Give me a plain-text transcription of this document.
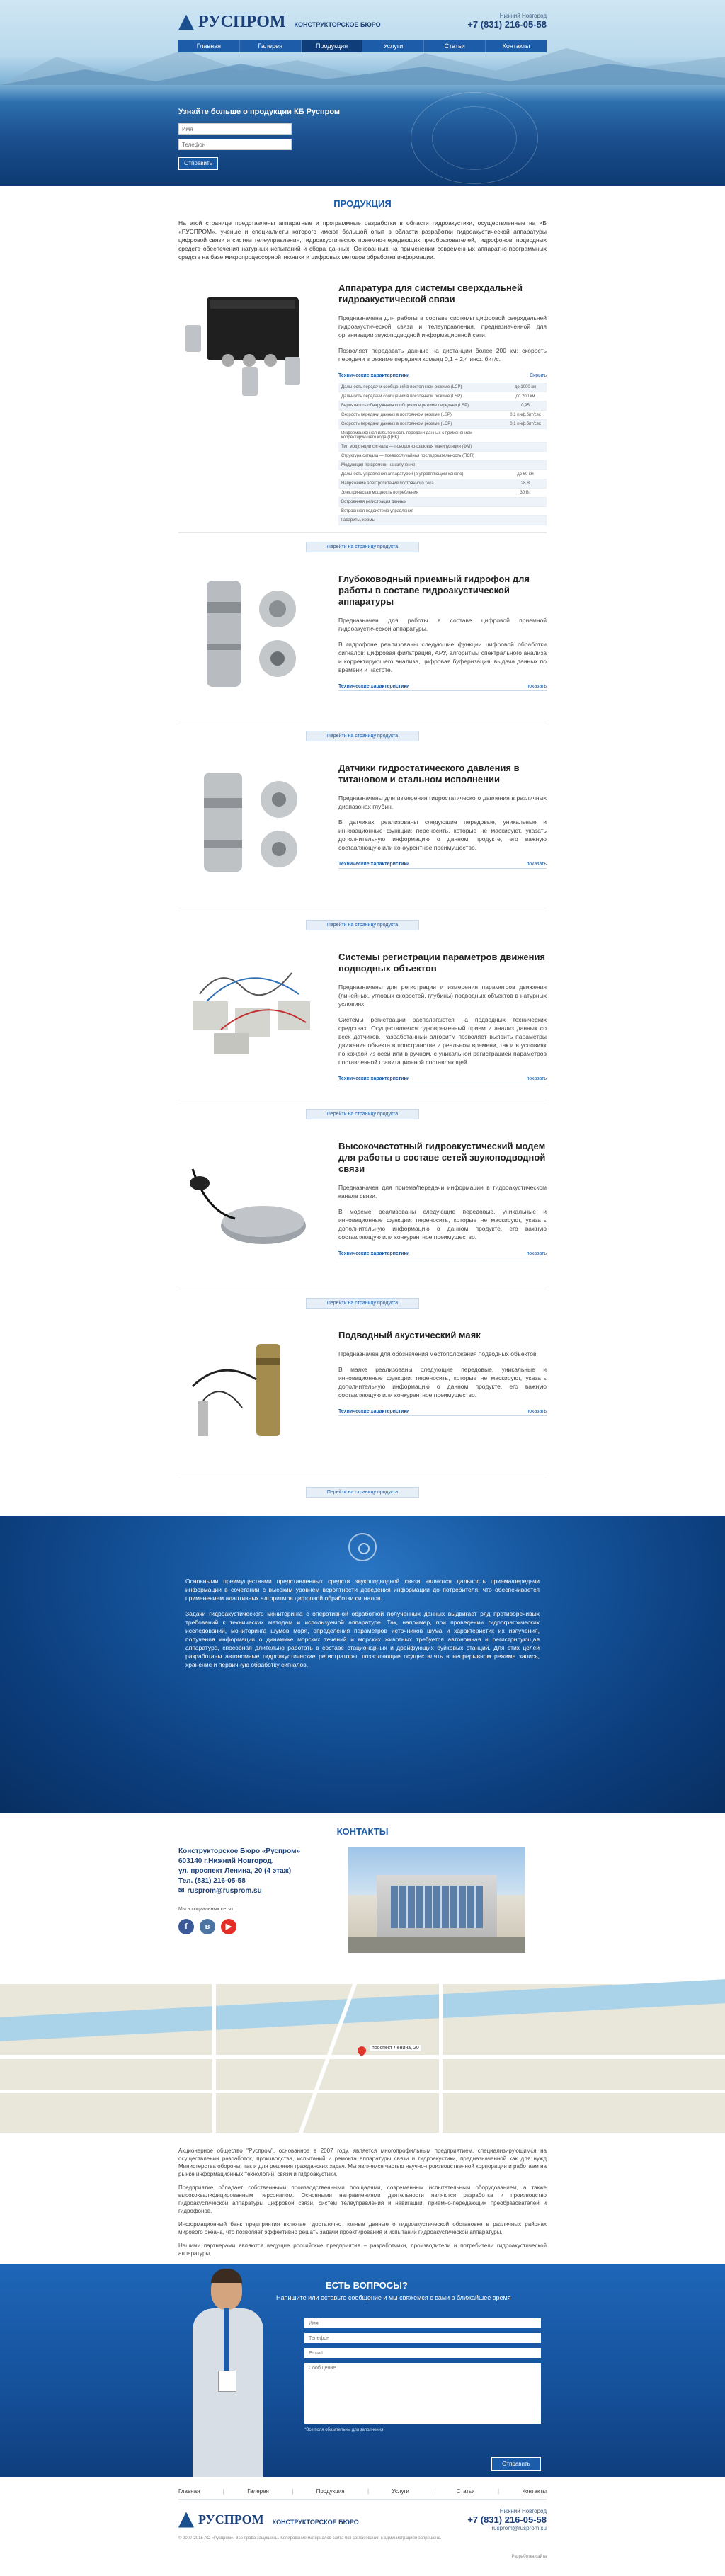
РУСПРОМ КОНСТРУКТОРСКОЕ БЮРО
Нижний Новгород
+7 (831) 216-05-58
Главная	Галерея	Продукция	Услуги	Статьи	Контакты
Узнайте больше о продукции КБ Руспром
Имя
Телефон
Отправить
ПРОДУКЦИЯ

На этой странице представлены аппаратные и программные разработки в области гидроакустики, осуществленные на КБ «РУСПРОМ», ученые и специалисты которого имеют большой опыт в области разработки гидроакустической аппаратуры цифровой связи и систем телеуправления, гидроакустических приемно-передающих преобразователей, гидрофонов, подводных средств обеспечения натурных испытаний и сбора данных. Основанных на применении современных аппаратно-программных средств на базе микропроцессорной техники и цифровых методов обработки информации.

Аппаратура для системы сверхдальней гидроакустической связи

Предназначена для работы в составе системы цифровой сверхдальней гидроакустической связи и телеуправления, предназначенной для организации звукоподводной информационной сети.

Позволяет передавать данные на дистанции более 200 км: скорость передачи в режиме передачи команд 0,1 ÷ 2,4 инф. бит/с.

Технические характеристики	Скрыть
Дальность передачи сообщений в постоянном режиме (LCP)	до 1000 км
Дальность передачи сообщений в постоянном режиме (LSP)	до 200 км
Вероятность обнаружения сообщения в режиме передачи (LSP)	0,95
Скорость передачи данных в постоянном режиме (LSP)	0,1 инф.бит/сек
Скорость передачи данных в постоянном режиме (LCP)	0,1 инф.бит/сек
Информационная избыточность передачи данных с применением корректирующего кода (ДНК)	
Тип модуляции сигнала — поворотно-фазовая манипуляция (ФМ)	
Структура сигнала — псевдослучайная последовательность (ПСП)	
Модуляция по времени на излучение	
Дальность управления аппаратурой (в управляющем канале)	до 60 км
Напряжение электропитания постоянного тока	28 В
Электрическая мощность потребления	30 Вт
Встроенная регистрация данных	
Встроенная подсистема управления	
Габариты, кормы	
Перейти на страницу продукта
Глубоководный приемный гидрофон для работы в составе гидроакустической аппаратуры

Предназначен для работы в составе цифровой приемной гидроакустической аппаратуры.

В гидрофоне реализованы следующие функции цифровой обработки сигналов: цифровая фильтрация, АРУ, алгоритмы спектрального анализа и корректирующего анализа, цифровая буферизация, выдача данных по времени и частоте.

Технические характеристики	показать
Перейти на страницу продукта
Датчики гидростатического давления в титановом и стальном исполнении

Предназначены для измерения гидростатического давления в различных диапазонах глубин.

В датчиках реализованы следующие передовые, уникальные и инновационные функции: переносить, которые не маскируют, указать дополнительную информацию о данном продукте, его важную составляющую или конкурентное преимущество.

Технические характеристики	показать
Перейти на страницу продукта
Системы регистрации параметров движения подводных объектов

Предназначены для регистрации и измерения параметров движения (линейных, угловых скоростей, глубины) подводных объектов в натурных условиях.

Системы регистрации располагаются на подводных технических средствах. Осуществляется одновременный прием и анализ данных со всех датчиков. Разработанный алгоритм позволяет выявить параметры движения объекта в пространстве и реальном времени, так и в условиях по каждой из осей или в ручном, с уникальной регистрацией параметров поставленной гравитационной составляющей.

Технические характеристики	показать
Перейти на страницу продукта
Высокочастотный гидроакустический модем для работы в составе сетей звукоподводной связи

Предназначен для приема/передачи информации в гидроакустическом канале связи.

В модеме реализованы следующие передовые, уникальные и инновационные функции: переносить, которые не маскируют, указать дополнительную информацию о данном продукте, его важную составляющую или конкурентное преимущество.

Технические характеристики	показать
Перейти на страницу продукта
Подводный акустический маяк

Предназначен для обозначения местоположения подводных объектов.

В маяке реализованы следующие передовые, уникальные и инновационные функции: переносить, которые не маскируют, указать дополнительную информацию о данном продукте, его важную составляющую или конкурентное преимущество.

Технические характеристики	показать
Перейти на страницу продукта

Основными преимуществами представленных средств звукоподводной связи являются дальность приема/передачи информации в сочетании с высоким уровнем вероятности доведения информации до потребителя, что обеспечивается применением адаптивных алгоритмов цифровой обработки сигналов.

Задачи гидроакустического мониторинга с оперативной обработкой полученных данных выдвигает ряд противоречивых требований к технических методам и используемой аппаратуре. Так, например, при проведении гидрографических исследований, мониторинга шумов моря, определения параметров источников шума и характеристик их излучения, получения информации о динамике морских течений и морских животных требуется автономная и регистрирующая аппаратура, способная длительно работать в составе стационарных и дрейфующих буйковых станций. Для этих целей разработаны автономные гидроакустические регистраторы, позволяющие осуществлять в непрерывном режиме запись, хранение и первичную обработку сигналов.

КОНТАКТЫ
Конструкторское Бюро «Руспром»
603140 г.Нижний Новгород,
ул. проспект Ленина, 20 (4 этаж)
Тел. (831) 216-05-58
✉ rusprom@rusprom.su
Мы в социальных сетях:
f	в	▶
проспект Ленина, 20

Акционерное общество "Руспром", основанное в 2007 году, является многопрофильным предприятием, специализирующимся на осуществлении разработок, производства, испытаний и ремонта аппаратуры связи и гидроакустики, предназначенной как для нужд Министерства обороны, так и для решения гражданских задач. Мы являемся частью научно-производственной корпорации и работаем на рынке информационных технологий, связи и гидроакустики.

Предприятие обладает собственными производственными площадями, современным испытательным оборудованием, а также высококвалифицированным персоналом. Основными направлениями деятельности являются разработка и производство гидроакустической аппаратуры цифровой связи, систем телеуправления и навигации, приемно-передающих преобразователей и гидрофонов.

Информационный банк предприятия включает достаточно полные данные о гидроакустической обстановке в различных районах мирового океана, что позволяет эффективно решать задачи проектирования и испытаний гидроакустической аппаратуры.

Нашими партнерами являются ведущие российские предприятия – разработчики, производители и потребители гидроакустической аппаратуры.

ЕСТЬ ВОПРОСЫ?
Напишите или оставьте сообщение и мы свяжемся с вами в ближайшее время
Имя
Телефон
E-mail
Сообщение
*Все поля обязательны для заполнения
Отправить
Главная	|	Галерея	|	Продукция	|	Услуги	|	Статьи	|	Контакты
РУСПРОМ КОНСТРУКТОРСКОЕ БЮРО
Нижний Новгород
+7 (831) 216-05-58
rusprom@rusprom.su
© 2007-2015 АО «Руспром». Все права защищены. Копирование материалов сайта без согласования с администрацией запрещено.
Разработка сайта
